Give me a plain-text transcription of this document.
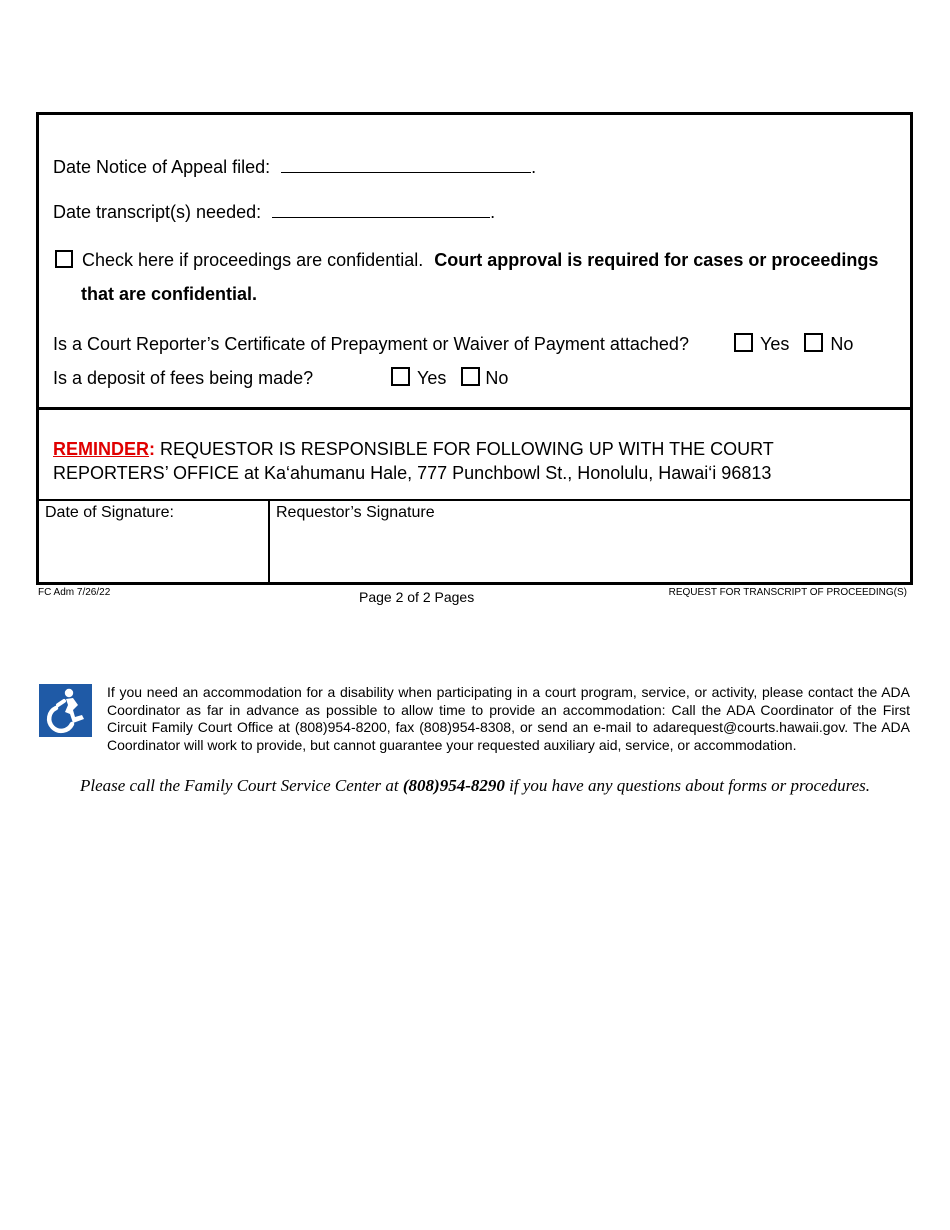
Date Notice of Appeal filed:	.
Date transcript(s) needed:	.
Check here if proceedings are confidential. Court approval is required for cases or proceedings
that are confidential.
Is a Court Reporter’s Certificate of Prepayment or Waiver of Payment attached?	Yes No
Is a deposit of fees being made?	Yes No
REMINDER: REQUESTOR IS RESPONSIBLE FOR FOLLOWING UP WITH THE COURT
REPORTERS’ OFFICE at Ka‘ahumanu Hale, 777 Punchbowl St., Honolulu, Hawai‘i 96813
Date of Signature:	Requestor’s Signature
FC Adm 7/26/22	Page 2 of 2 Pages	REQUEST FOR TRANSCRIPT OF PROCEEDING(S)
If you need an accommodation for a disability when participating in a court program, service, or activity, please contact the ADA Coordinator as far in advance as possible to allow time to provide an accommodation: Call the ADA Coordinator of the First Circuit Family Court Office at (808)954-8200, fax (808)954-8308, or send an e-mail to adarequest@courts.hawaii.gov. The ADA Coordinator will work to provide, but cannot guarantee your requested auxiliary aid, service, or accommodation.
Please call the Family Court Service Center at (808)954-8290 if you have any questions about forms or procedures.
